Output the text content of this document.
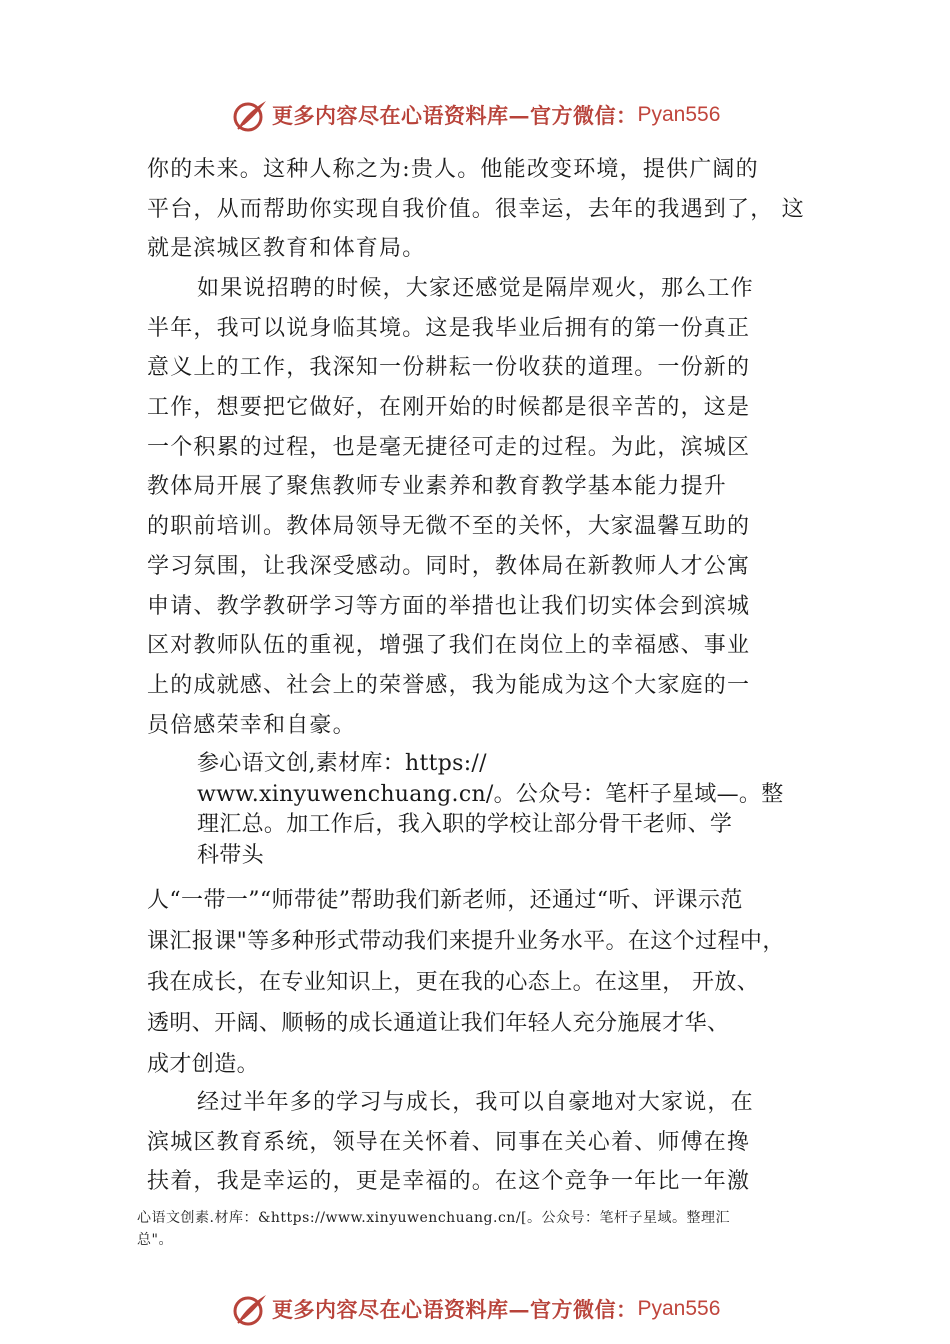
更多内容尽在心语资料库—官方微信： Pyan556
你的未来。这种人称之为:贵人。他能改变环境，提供广阔的
平台，从而帮助你实现自我价值。很幸运，去年的我遇到了， 这
就是滨城区教育和体育局。
如果说招聘的时候，大家还感觉是隔岸观火，那么工作
半年，我可以说身临其境。这是我毕业后拥有的第一份真正
意义上的工作，我深知一份耕耘一份收获的道理。一份新的
工作，想要把它做好，在刚开始的时候都是很辛苦的，这是
一个积累的过程，也是毫无捷径可走的过程。为此，滨城区
教体局开展了聚焦教师专业素养和教育教学基本能力提升
的职前培训。教体局领导无微不至的关怀，大家温馨互助的
学习氛围，让我深受感动。同时，教体局在新教师人才公寓
申请、教学教研学习等方面的举措也让我们切实体会到滨城
区对教师队伍的重视，增强了我们在岗位上的幸福感、事业
上的成就感、社会上的荣誉感，我为能成为这个大家庭的一
员倍感荣幸和自豪。
参心语文创,素材库：https://
www.xinyuwenchuang.cn/。公众号：笔杆子星域—。整
理汇总。加工作后，我入职的学校让部分骨干老师、学
科带头
人“一带一”“师带徒”帮助我们新老师，还通过“听、评课示范
课汇报课"等多种形式带动我们来提升业务水平。在这个过程中，
我在成长，在专业知识上，更在我的心态上。在这里， 开放、
透明、开阔、顺畅的成长通道让我们年轻人充分施展才华、
成才创造。
经过半年多的学习与成长，我可以自豪地对大家说，在
滨城区教育系统，领导在关怀着、同事在关心着、师傅在搀
扶着，我是幸运的，更是幸福的。在这个竞争一年比一年激
心语文创素.材库：&https://www.xinyuwenchuang.cn/[。公众号：笔杆子星域。整理汇
总"。
更多内容尽在心语资料库—官方微信： Pyan556
